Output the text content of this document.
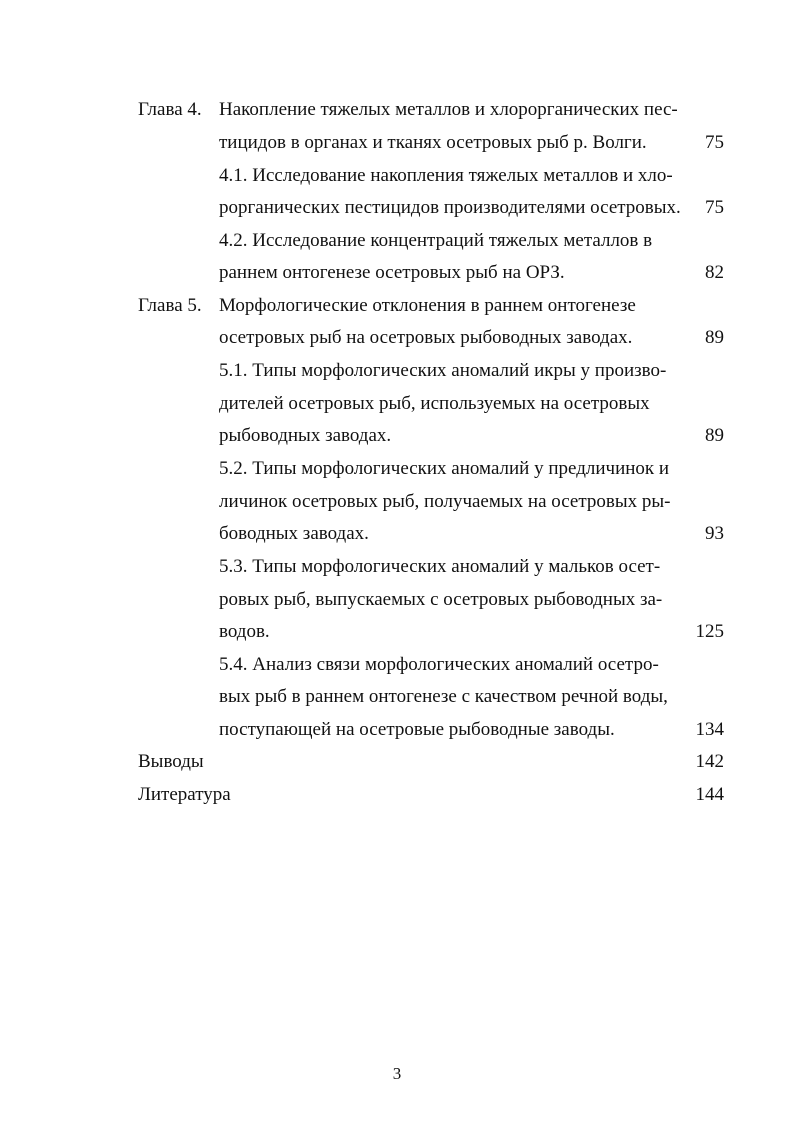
Глава 4. Накопление тяжелых металлов и хлорорганических пес-
тицидов в органах и тканях осетровых рыб р. Волги.	75
4.1. Исследование накопления тяжелых металлов и хло-
рорганических пестицидов производителями осетровых. 75
4.2. Исследование концентраций тяжелых металлов в
раннем онтогенезе осетровых рыб на ОРЗ.	82
Глава 5. Морфологические отклонения в раннем онтогенезе
осетровых рыб на осетровых рыбоводных заводах.	89
5.1. Типы морфологических аномалий икры у произво-
дителей осетровых рыб, используемых на осетровых
рыбоводных заводах.	89
5.2. Типы морфологических аномалий у предличинок и
личинок осетровых рыб, получаемых на осетровых ры-
боводных заводах.	93
5.3. Типы морфологических аномалий у мальков осет-
ровых рыб, выпускаемых с осетровых рыбоводных за-
водов.	125
5.4. Анализ связи морфологических аномалий осетро-
вых рыб в раннем онтогенезе с качеством речной воды,
поступающей на осетровые рыбоводные заводы.	134
Выводы	142
Литература	144
3
